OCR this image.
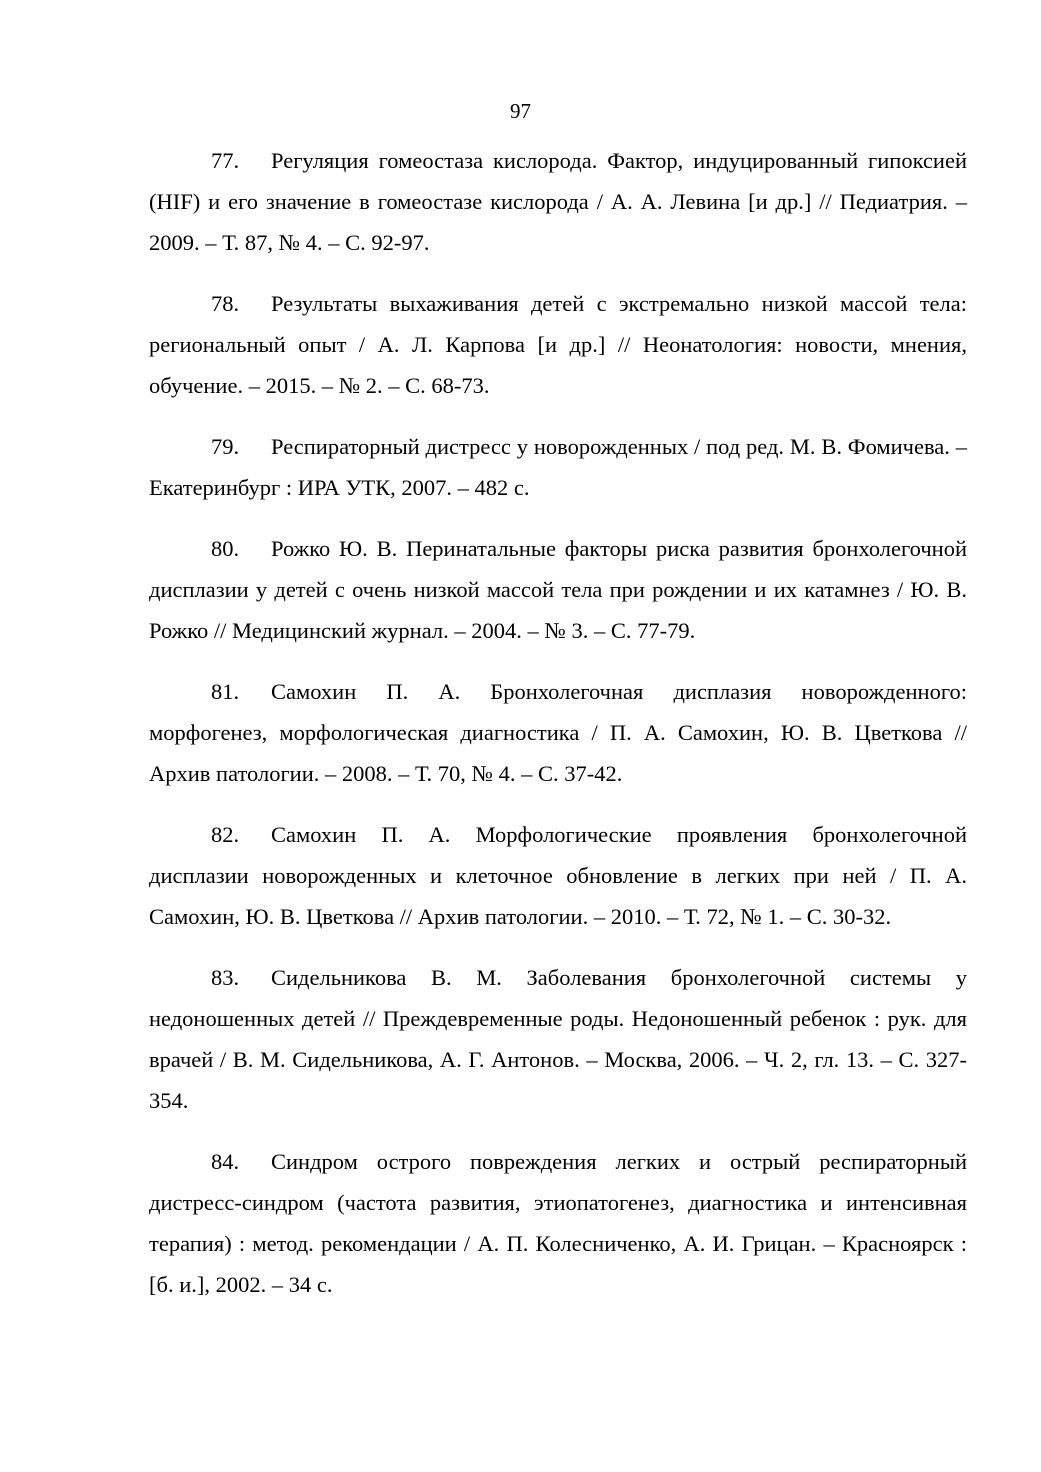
97
77. Регуляция гомеостаза кислорода. Фактор, индуцированный гипоксией (HIF) и его значение в гомеостазе кислорода / А. А. Левина [и др.] // Педиатрия. – 2009. – Т. 87, № 4. – С. 92-97.
78. Результаты выхаживания детей с экстремально низкой массой тела: региональный опыт / А. Л. Карпова [и др.] // Неонатология: новости, мнения, обучение. – 2015. – № 2. – С. 68-73.
79. Респираторный дистресс у новорожденных / под ред. М. В. Фомичева. – Екатеринбург : ИРА УТК, 2007. – 482 с.
80. Рожко Ю. В. Перинатальные факторы риска развития бронхолегочной дисплазии у детей с очень низкой массой тела при рождении и их катамнез / Ю. В. Рожко // Медицинский журнал. – 2004. – № 3. – С. 77-79.
81. Самохин П. А. Бронхолегочная дисплазия новорожденного: морфогенез, морфологическая диагностика / П. А. Самохин, Ю. В. Цветкова // Архив патологии. – 2008. – Т. 70, № 4. – С. 37-42.
82. Самохин П. А. Морфологические проявления бронхолегочной дисплазии новорожденных и клеточное обновление в легких при ней / П. А. Самохин, Ю. В. Цветкова // Архив патологии. – 2010. – Т. 72, № 1. – С. 30-32.
83. Сидельникова В. М. Заболевания бронхолегочной системы у недоношенных детей // Преждевременные роды. Недоношенный ребенок : рук. для врачей / В. М. Сидельникова, А. Г. Антонов. – Москва, 2006. – Ч. 2, гл. 13. – С. 327-354.
84. Синдром острого повреждения легких и острый респираторный дистресс-синдром (частота развития, этиопатогенез, диагностика и интенсивная терапия) : метод. рекомендации / А. П. Колесниченко, А. И. Грицан. – Красноярск : [б. и.], 2002. – 34 с.
